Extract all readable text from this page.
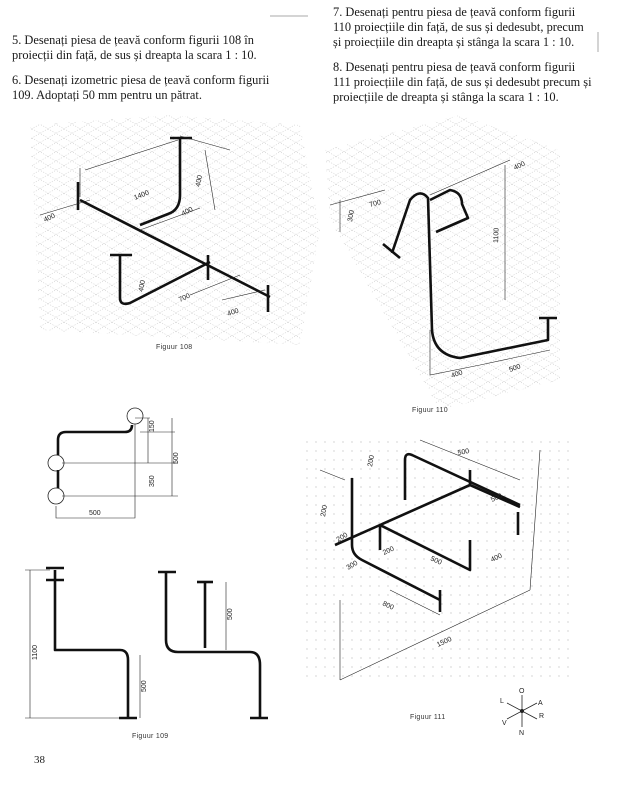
5. Desenați piesa de țeavă conform figurii 108 în
proiecții din față, de sus și dreapta la scara 1 : 10.
6. Desenați izometric piesa de țeavă conform figurii
109. Adoptați 50 mm pentru un pătrat.
7. Desenați pentru piesa de țeavă conform figurii
110 proiecțiile din față, de sus și dedesubt, precum
și proiecțiile din dreapta și stânga la scara 1 : 10.
8. Desenați pentru piesa de țeavă conform figurii
111 proiecțiile din față, de sus și dedesubt precum și
proiecțiile de dreapta și stânga la scara 1 : 10.
1400
400
400
400
400
700
400
700
300
400
1100
400
500
150
500
350
500
1100
500
500
500
200
500
200
200
300
200
500	400
800
1500
O
L
R
N
V
A
Figuur 108
Figuur 110
Figuur 109
Figuur 111
38
